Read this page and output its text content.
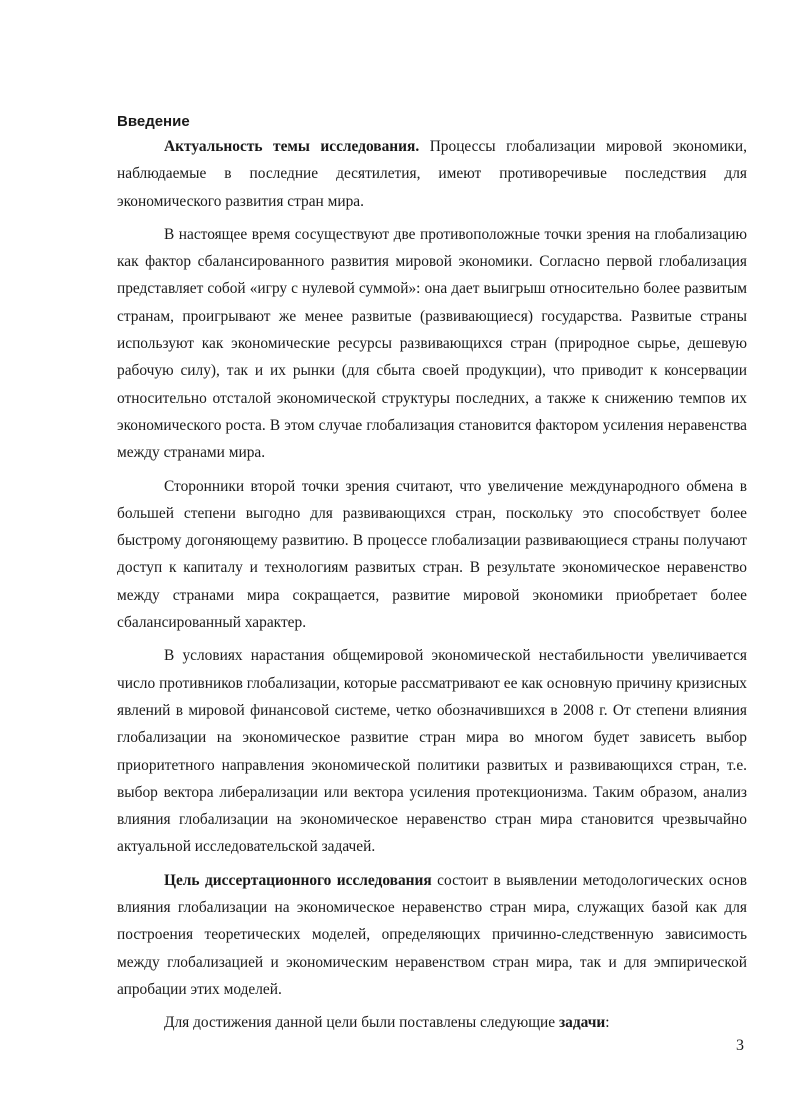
Введение

Актуальность темы исследования. Процессы глобализации мировой экономики, наблюдаемые в последние десятилетия, имеют противоречивые последствия для экономического развития стран мира.

В настоящее время сосуществуют две противоположные точки зрения на глобализацию как фактор сбалансированного развития мировой экономики. Согласно первой глобализация представляет собой «игру с нулевой суммой»: она дает выигрыш относительно более развитым странам, проигрывают же менее развитые (развивающиеся) государства. Развитые страны используют как экономические ресурсы развивающихся стран (природное сырье, дешевую рабочую силу), так и их рынки (для сбыта своей продукции), что приводит к консервации относительно отсталой экономической структуры последних, а также к снижению темпов их экономического роста. В этом случае глобализация становится фактором усиления неравенства между странами мира.

Сторонники второй точки зрения считают, что увеличение международного обмена в большей степени выгодно для развивающихся стран, поскольку это способствует более быстрому догоняющему развитию. В процессе глобализации развивающиеся страны получают доступ к капиталу и технологиям развитых стран. В результате экономическое неравенство между странами мира сокращается, развитие мировой экономики приобретает более сбалансированный характер.

В условиях нарастания общемировой экономической нестабильности увеличивается число противников глобализации, которые рассматривают ее как основную причину кризисных явлений в мировой финансовой системе, четко обозначившихся в 2008 г. От степени влияния глобализации на экономическое развитие стран мира во многом будет зависеть выбор приоритетного направления экономической политики развитых и развивающихся стран, т.е. выбор вектора либерализации или вектора усиления протекционизма. Таким образом, анализ влияния глобализации на экономическое неравенство стран мира становится чрезвычайно актуальной исследовательской задачей.

Цель диссертационного исследования состоит в выявлении методологических основ влияния глобализации на экономическое неравенство стран мира, служащих базой как для построения теоретических моделей, определяющих причинно-следственную зависимость между глобализацией и экономическим неравенством стран мира, так и для эмпирической апробации этих моделей.

Для достижения данной цели были поставлены следующие задачи:

3
